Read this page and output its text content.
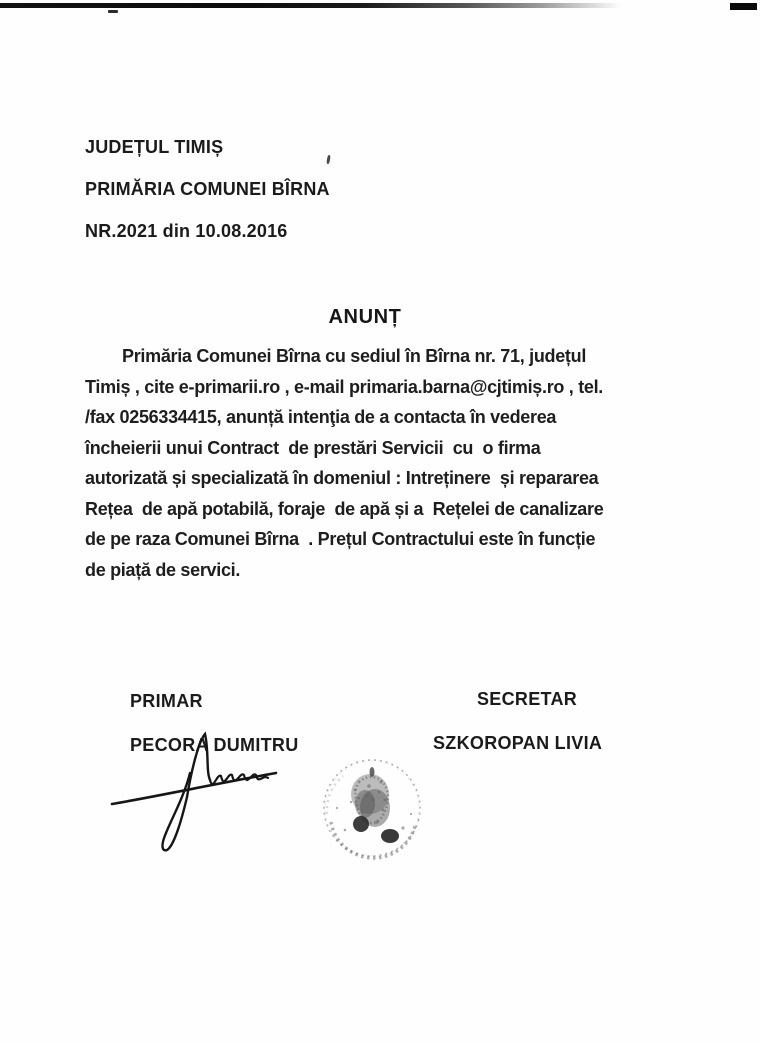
JUDEȚUL TIMIȘ
PRIMĂRIA COMUNEI BÎRNA
NR.2021 din 10.08.2016
ANUNȚ
Primăria Comunei Bîrna cu sediul în Bîrna nr. 71, județul
Timiș , cite e-primarii.ro , e-mail primaria.barna@cjtimiș.ro , tel.
/fax 0256334415, anunță intenţia de a contacta în vederea
încheierii unui Contract  de prestări Servicii  cu  o firma
autorizată și specializată în domeniul : Intreținere  și repararea
Rețea  de apă potabilă, foraje  de apă și a  Rețelei de canalizare
de pe raza Comunei Bîrna  . Prețul Contractului este în funcție
de piață de servici.
PRIMAR	SECRETAR
PECORA DUMITRU	SZKOROPAN LIVIA
